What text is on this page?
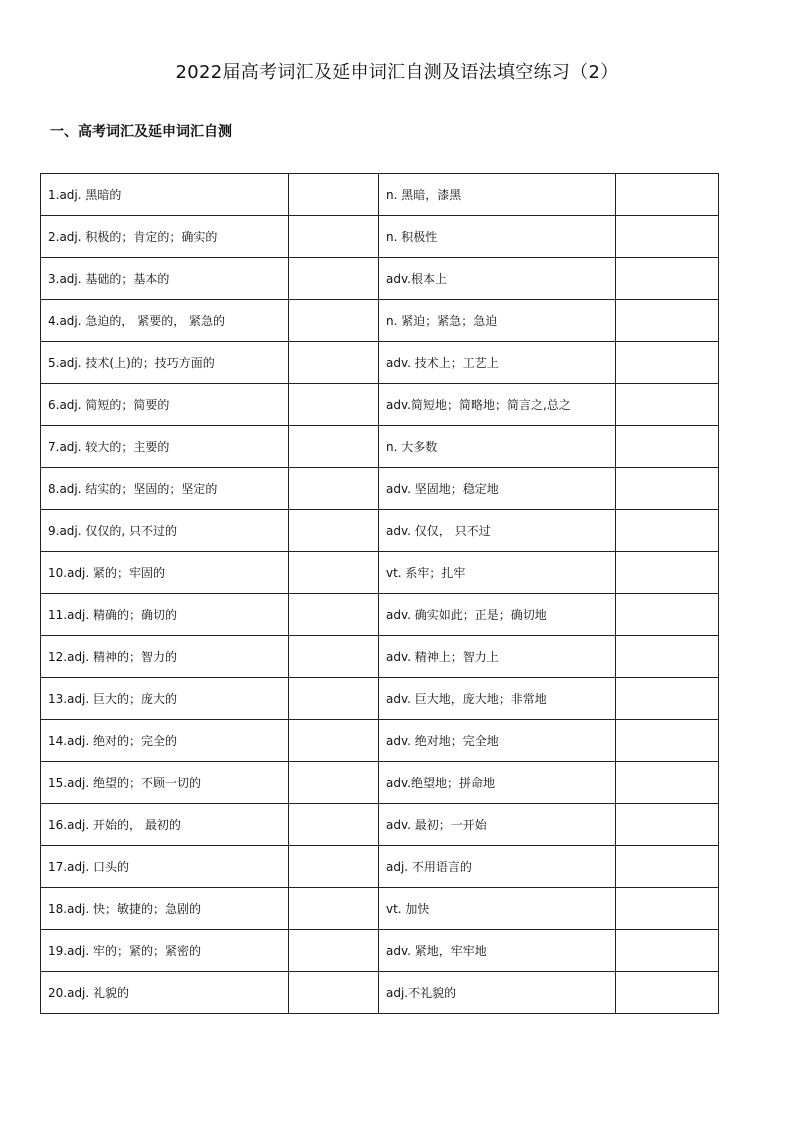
2022届高考词汇及延申词汇自测及语法填空练习（2）
一、高考词汇及延申词汇自测
1.adj. 黑暗的		n. 黑暗，漆黑	
2.adj. 积极的；肯定的；确实的		n. 积极性	
3.adj. 基础的；基本的		adv.根本上	
4.adj. 急迫的， 紧要的， 紧急的		n. 紧迫；紧急；急迫	
5.adj. 技术(上)的；技巧方面的		adv. 技术上；工艺上	
6.adj. 简短的；简要的		adv.简短地；简略地；简言之,总之	
7.adj. 较大的；主要的		n. 大多数	
8.adj. 结实的；坚固的；坚定的		adv. 坚固地；稳定地	
9.adj. 仅仅的, 只不过的		adv. 仅仅， 只不过	
10.adj. 紧的；牢固的		vt. 系牢；扎牢	
11.adj. 精确的；确切的		adv. 确实如此；正是；确切地	
12.adj. 精神的；智力的		adv. 精神上；智力上	
13.adj. 巨大的；庞大的		adv. 巨大地，庞大地；非常地	
14.adj. 绝对的；完全的		adv. 绝对地；完全地	
15.adj. 绝望的；不顾一切的		adv.绝望地；拼命地	
16.adj. 开始的， 最初的		adv. 最初；一开始	
17.adj. 口头的		adj. 不用语言的	
18.adj. 快；敏捷的；急剧的		vt. 加快	
19.adj. 牢的；紧的；紧密的		adv. 紧地，牢牢地	
20.adj. 礼貌的		adj.不礼貌的	
